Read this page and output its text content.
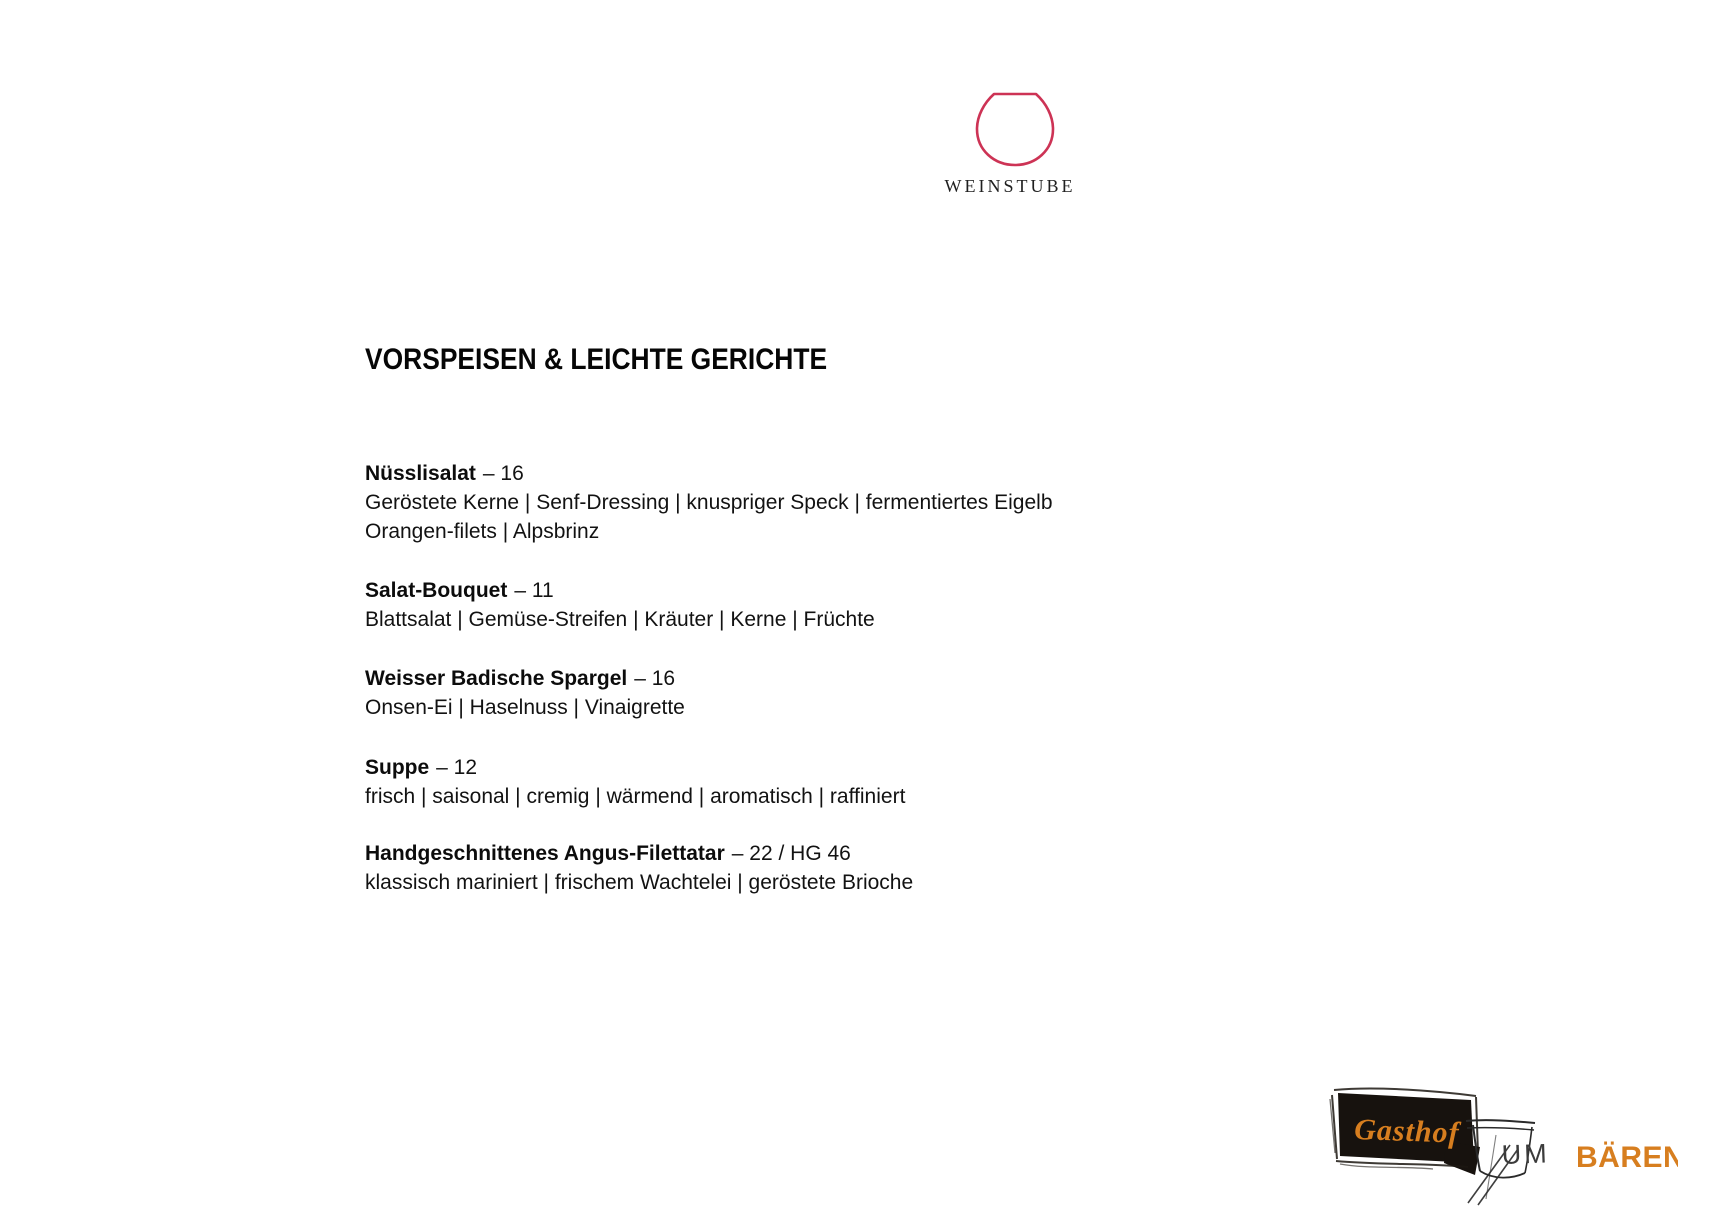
WEINSTUBE
VORSPEISEN & LEICHTE GERICHTE
Nüsslisalat – 16
Geröstete Kerne | Senf-Dressing | knuspriger Speck | fermentiertes Eigelb
Orangen-filets | Alpsbrinz
Salat-Bouquet – 11
Blattsalat | Gemüse-Streifen | Kräuter | Kerne | Früchte
Weisser Badische Spargel – 16
Onsen-Ei | Haselnuss | Vinaigrette
Suppe – 12
frisch | saisonal | cremig | wärmend | aromatisch | raffiniert
Handgeschnittenes Angus-Filettatar – 22 / HG 46
klassisch mariniert | frischem Wachtelei | geröstete Brioche
Gasthof
UM BÄREN
